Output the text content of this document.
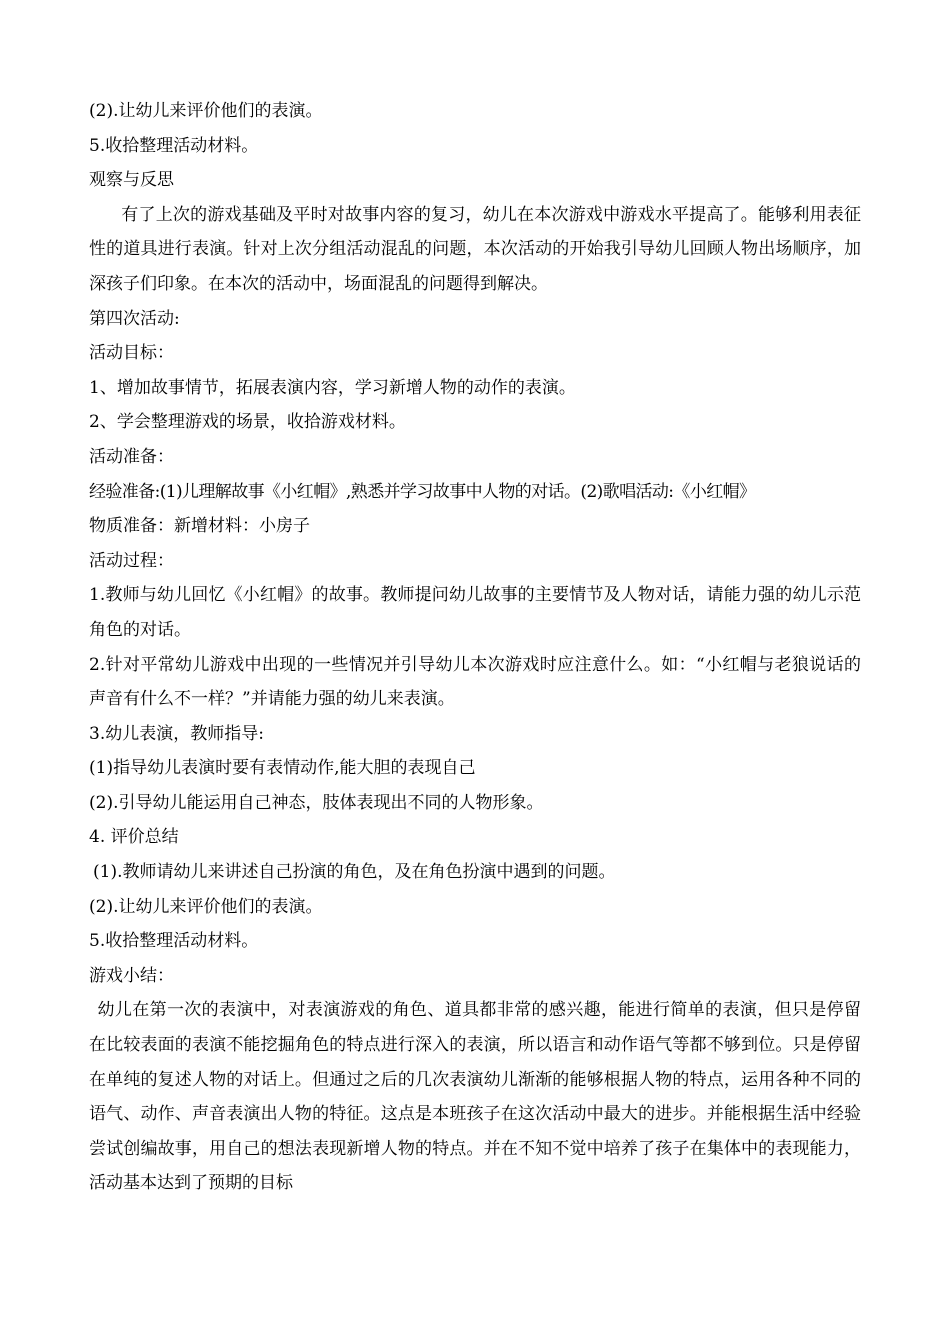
(2).让幼儿来评价他们的表演。

5.收拾整理活动材料。

观察与反思

有了上次的游戏基础及平时对故事内容的复习，幼儿在本次游戏中游戏水平提高了。能够利用表征性的道具进行表演。针对上次分组活动混乱的问题，本次活动的开始我引导幼儿回顾人物出场顺序，加深孩子们印象。在本次的活动中，场面混乱的问题得到解决。

第四次活动:

活动目标：

1、增加故事情节，拓展表演内容，学习新增人物的动作的表演。

2、学会整理游戏的场景，收拾游戏材料。

活动准备：

经验准备:(1)儿理解故事《小红帽》,熟悉并学习故事中人物的对话。(2)歌唱活动:《小红帽》

物质准备：新增材料：小房子

活动过程：

1.教师与幼儿回忆《小红帽》的故事。教师提问幼儿故事的主要情节及人物对话，请能力强的幼儿示范角色的对话。

2.针对平常幼儿游戏中出现的一些情况并引导幼儿本次游戏时应注意什么。如：“小红帽与老狼说话的声音有什么不一样？”并请能力强的幼儿来表演。

3.幼儿表演，教师指导:

(1)指导幼儿表演时要有表情动作,能大胆的表现自己

(2).引导幼儿能运用自己神态，肢体表现出不同的人物形象。

4. 评价总结

(1).教师请幼儿来讲述自己扮演的角色，及在角色扮演中遇到的问题。

(2).让幼儿来评价他们的表演。

5.收拾整理活动材料。

游戏小结：

幼儿在第一次的表演中，对表演游戏的角色、道具都非常的感兴趣，能进行简单的表演，但只是停留在比较表面的表演不能挖掘角色的特点进行深入的表演，所以语言和动作语气等都不够到位。只是停留在单纯的复述人物的对话上。但通过之后的几次表演幼儿渐渐的能够根据人物的特点，运用各种不同的语气、动作、声音表演出人物的特征。这点是本班孩子在这次活动中最大的进步。并能根据生活中经验尝试创编故事，用自己的想法表现新增人物的特点。并在不知不觉中培养了孩子在集体中的表现能力，活动基本达到了预期的目标
